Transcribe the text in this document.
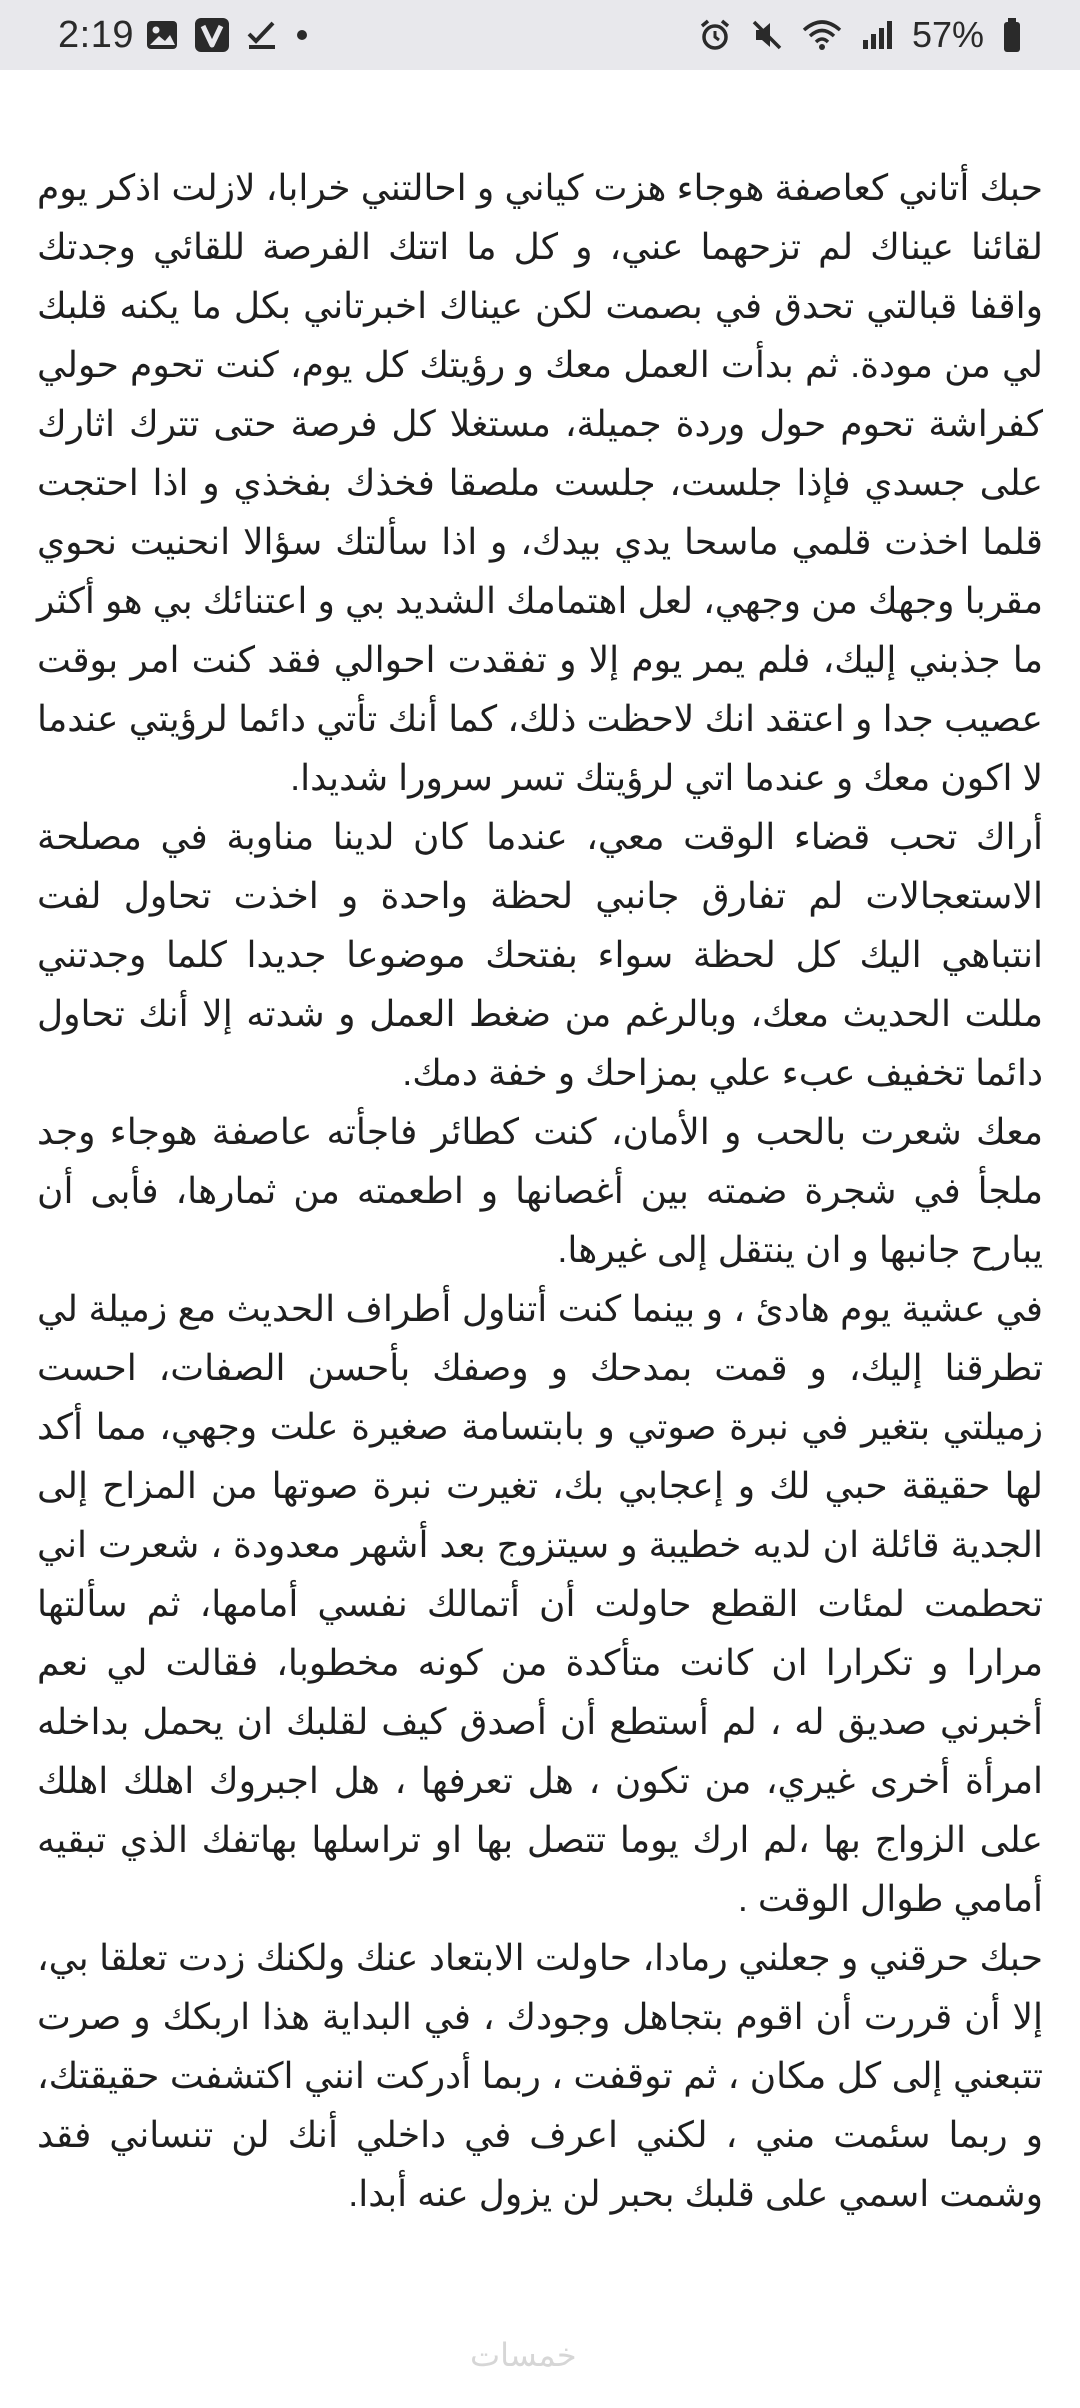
2:19	57%

حبك أتاني كعاصفة هوجاء هزت كياني و احالتني خرابا، لازلت اذكر يوم لقائنا عيناك لم تزحهما عني، و كل ما اتتك الفرصة للقائي وجدتك واقفا قبالتي تحدق في بصمت لكن عيناك اخبرتاني بكل ما يكنه قلبك لي من مودة. ثم بدأت العمل معك و رؤيتك كل يوم، كنت تحوم حولي كفراشة تحوم حول وردة جميلة، مستغلا كل فرصة حتى تترك اثارك على جسدي فإذا جلست، جلست ملصقا فخذك بفخذي و اذا احتجت قلما اخذت قلمي ماسحا يدي بيدك، و اذا سألتك سؤالا انحنيت نحوي مقربا وجهك من وجهي، لعل اهتمامك الشديد بي و اعتنائك بي هو أكثر ما جذبني إليك، فلم يمر يوم إلا و تفقدت احوالي فقد كنت امر بوقت عصيب جدا و اعتقد انك لاحظت ذلك، كما أنك تأتي دائما لرؤيتي عندما لا اكون معك و عندما اتي لرؤيتك تسر سرورا شديدا.

أراك تحب قضاء الوقت معي، عندما كان لدينا مناوبة في مصلحة الاستعجالات لم تفارق جانبي لحظة واحدة و اخذت تحاول لفت انتباهي اليك كل لحظة سواء بفتحك موضوعا جديدا كلما وجدتني مللت الحديث معك، وبالرغم من ضغط العمل و شدته إلا أنك تحاول دائما تخفيف عبء علي بمزاحك و خفة دمك.

معك شعرت بالحب و الأمان، كنت كطائر فاجأته عاصفة هوجاء وجد ملجأ في شجرة ضمته بين أغصانها و اطعمته من ثمارها، فأبى أن يبارح جانبها و ان ينتقل إلى غيرها.

في عشية يوم هادئ ، و بينما كنت أتناول أطراف الحديث مع زميلة لي تطرقنا إليك، و قمت بمدحك و وصفك بأحسن الصفات، احست زميلتي بتغير في نبرة صوتي و بابتسامة صغيرة علت وجهي، مما أكد لها حقيقة حبي لك و إعجابي بك، تغيرت نبرة صوتها من المزاح إلى الجدية قائلة ان لديه خطيبة و سيتزوج بعد أشهر معدودة ، شعرت اني تحطمت لمئات القطع حاولت أن أتمالك نفسي أمامها، ثم سألتها مرارا و تكرارا ان كانت متأكدة من كونه مخطوبا، فقالت لي نعم أخبرني صديق له ، لم أستطع أن أصدق كيف لقلبك ان يحمل بداخله امرأة أخرى غيري، من تكون ، هل تعرفها ، هل اجبروك اهلك اهلك على الزواج بها ،لم ارك يوما تتصل بها او تراسلها بهاتفك الذي تبقيه أمامي طوال الوقت .

حبك حرقني و جعلني رمادا، حاولت الابتعاد عنك ولكنك زدت تعلقا بي، إلا أن قررت أن اقوم بتجاهل وجودك ، في البداية هذا اربكك و صرت تتبعني إلى كل مكان ، ثم توقفت ، ربما أدركت انني اكتشفت حقيقتك، و ربما سئمت مني ، لكني اعرف في داخلي أنك لن تنساني فقد وشمت اسمي على قلبك بحبر لن يزول عنه أبدا.

خمسات
